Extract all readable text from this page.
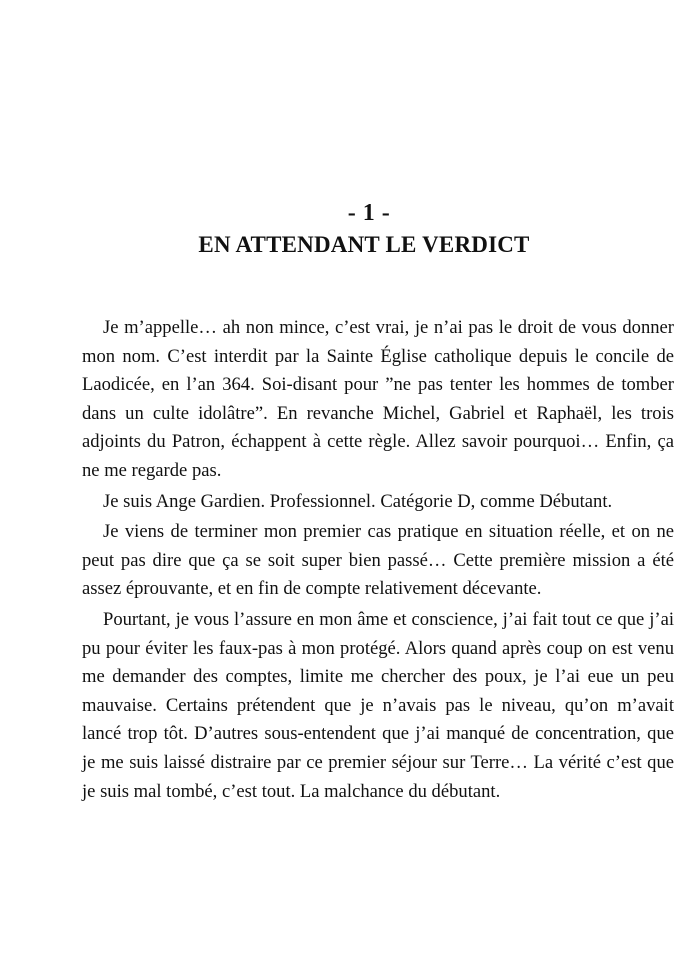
- 1 -
EN ATTENDANT LE VERDICT

Je m’appelle… ah non mince, c’est vrai, je n’ai pas le droit de vous donner mon nom. C’est interdit par la Sainte Église catholique depuis le concile de Laodicée, en l’an 364. Soi-disant pour ”ne pas tenter les hommes de tomber dans un culte idolâtre”. En revanche Michel, Gabriel et Raphaël, les trois adjoints du Patron, échappent à cette règle. Allez savoir pourquoi… Enfin, ça ne me regarde pas.

Je suis Ange Gardien. Professionnel. Catégorie D, comme Débutant.

Je viens de terminer mon premier cas pratique en situation réelle, et on ne peut pas dire que ça se soit super bien passé… Cette première mission a été assez éprouvante, et en fin de compte relativement décevante.

Pourtant, je vous l’assure en mon âme et conscience, j’ai fait tout ce que j’ai pu pour éviter les faux-pas à mon protégé. Alors quand après coup on est venu me demander des comptes, limite me chercher des poux, je l’ai eue un peu mauvaise. Certains prétendent que je n’avais pas le niveau, qu’on m’avait lancé trop tôt. D’autres sous-entendent que j’ai manqué de concentration, que je me suis laissé distraire par ce premier séjour sur Terre… La vérité c’est que je suis mal tombé, c’est tout. La malchance du débutant.
